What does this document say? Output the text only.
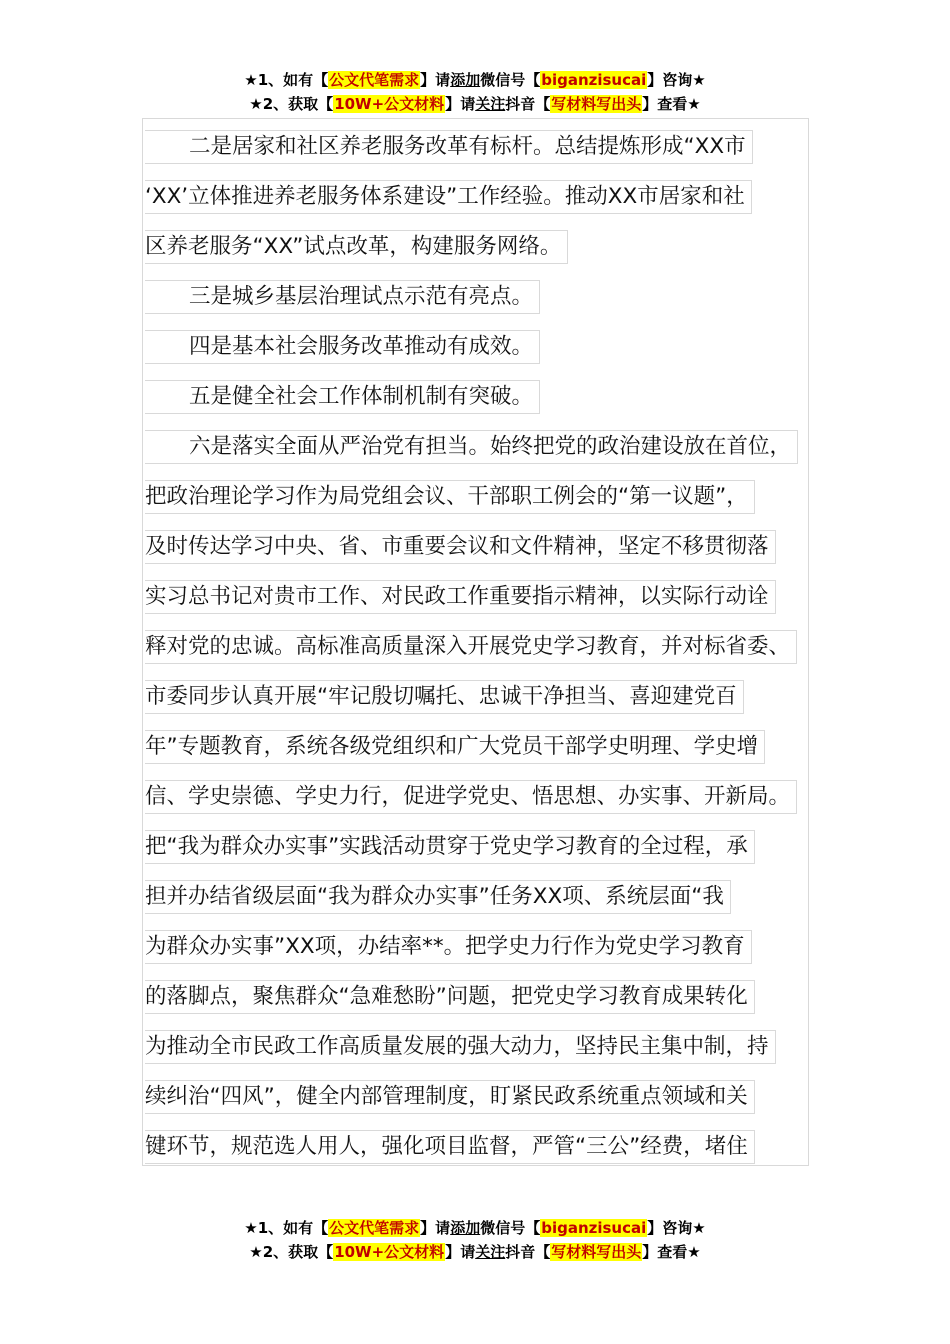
★1、如有【公文代笔需求】请添加微信号【biganzisucai】咨询★
★2、获取【10W+公文材料】请关注抖音【写材料写出头】查看★
二是居家和社区养老服务改革有标杆。总结提炼形成“XX市
‘XX’立体推进养老服务体系建设”工作经验。推动XX市居家和社
区养老服务“XX”试点改革，构建服务网络。
三是城乡基层治理试点示范有亮点。
四是基本社会服务改革推动有成效。
五是健全社会工作体制机制有突破。
六是落实全面从严治党有担当。始终把党的政治建设放在首位，
把政治理论学习作为局党组会议、干部职工例会的“第一议题”，
及时传达学习中央、省、市重要会议和文件精神，坚定不移贯彻落
实习总书记对贵市工作、对民政工作重要指示精神，以实际行动诠
释对党的忠诚。高标准高质量深入开展党史学习教育，并对标省委、
市委同步认真开展“牢记殷切嘱托、忠诚干净担当、喜迎建党百
年”专题教育，系统各级党组织和广大党员干部学史明理、学史增
信、学史崇德、学史力行，促进学党史、悟思想、办实事、开新局。
把“我为群众办实事”实践活动贯穿于党史学习教育的全过程，承
担并办结省级层面“我为群众办实事”任务XX项、系统层面“我
为群众办实事”XX项，办结率**。把学史力行作为党史学习教育
的落脚点，聚焦群众“急难愁盼”问题，把党史学习教育成果转化
为推动全市民政工作高质量发展的强大动力，坚持民主集中制，持
续纠治“四风”，健全内部管理制度，盯紧民政系统重点领域和关
键环节，规范选人用人，强化项目监督，严管“三公”经费，堵住
★1、如有【公文代笔需求】请添加微信号【biganzisucai】咨询★
★2、获取【10W+公文材料】请关注抖音【写材料写出头】查看★
